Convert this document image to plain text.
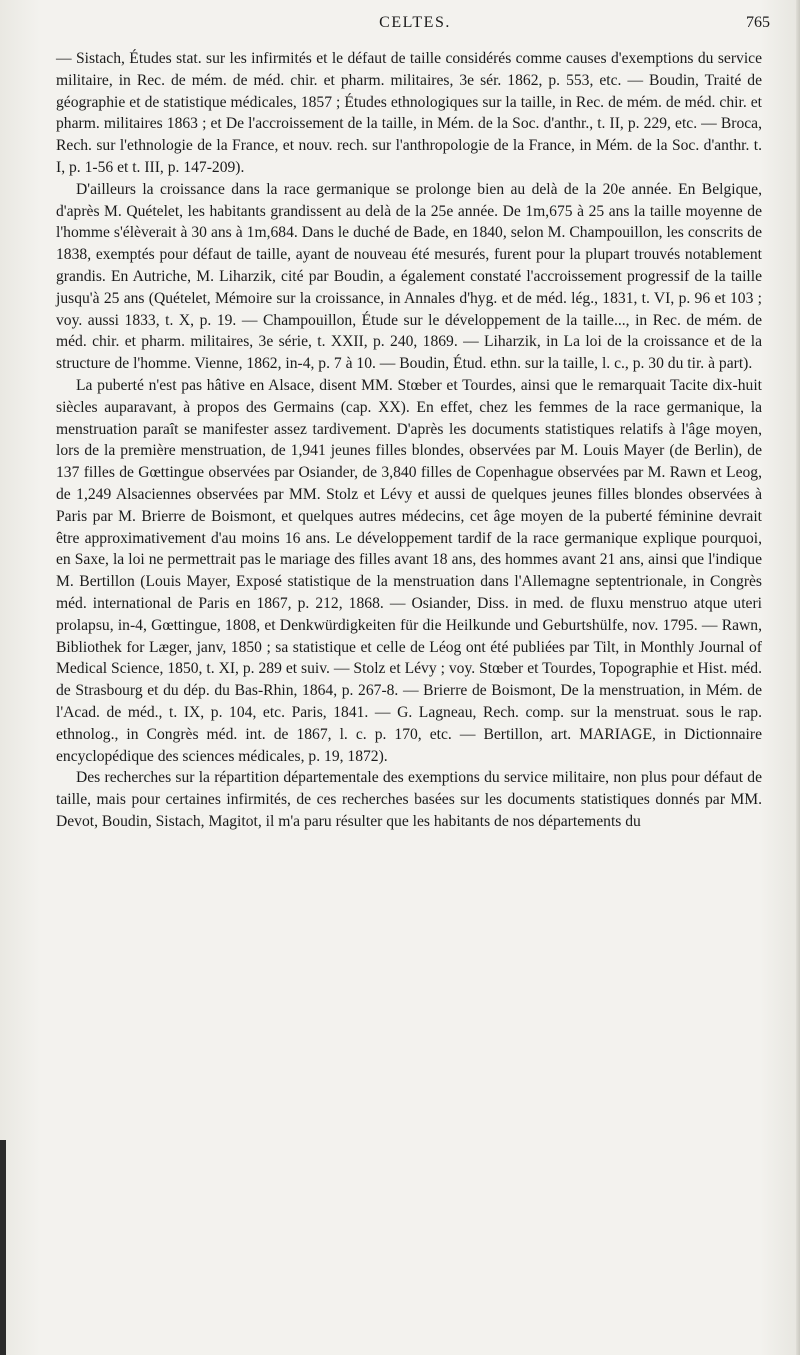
CELTES.	765

— Sistach, Études stat. sur les infirmités et le défaut de taille considérés comme causes d'exemptions du service militaire, in Rec. de mém. de méd. chir. et pharm. militaires, 3e sér. 1862, p. 553, etc. — Boudin, Traité de géographie et de statistique médicales, 1857 ; Études ethnologiques sur la taille, in Rec. de mém. de méd. chir. et pharm. militaires 1863 ; et De l'accroissement de la taille, in Mém. de la Soc. d'anthr., t. II, p. 229, etc. — Broca, Rech. sur l'ethnologie de la France, et nouv. rech. sur l'anthropologie de la France, in Mém. de la Soc. d'anthr. t. I, p. 1-56 et t. III, p. 147-209).

D'ailleurs la croissance dans la race germanique se prolonge bien au delà de la 20e année. En Belgique, d'après M. Quételet, les habitants grandissent au delà de la 25e année. De 1m,675 à 25 ans la taille moyenne de l'homme s'élèverait à 30 ans à 1m,684. Dans le duché de Bade, en 1840, selon M. Champouillon, les conscrits de 1838, exemptés pour défaut de taille, ayant de nouveau été mesurés, furent pour la plupart trouvés notablement grandis. En Autriche, M. Liharzik, cité par Boudin, a également constaté l'accroissement progressif de la taille jusqu'à 25 ans (Quételet, Mémoire sur la croissance, in Annales d'hyg. et de méd. lég., 1831, t. VI, p. 96 et 103 ; voy. aussi 1833, t. X, p. 19. — Champouillon, Étude sur le développement de la taille..., in Rec. de mém. de méd. chir. et pharm. militaires, 3e série, t. XXII, p. 240, 1869. — Liharzik, in La loi de la croissance et de la structure de l'homme. Vienne, 1862, in-4, p. 7 à 10. — Boudin, Étud. ethn. sur la taille, l. c., p. 30 du tir. à part).

La puberté n'est pas hâtive en Alsace, disent MM. Stœber et Tourdes, ainsi que le remarquait Tacite dix-huit siècles auparavant, à propos des Germains (cap. XX). En effet, chez les femmes de la race germanique, la menstruation paraît se manifester assez tardivement. D'après les documents statistiques relatifs à l'âge moyen, lors de la première menstruation, de 1,941 jeunes filles blondes, observées par M. Louis Mayer (de Berlin), de 137 filles de Gœttingue observées par Osiander, de 3,840 filles de Copenhague observées par M. Rawn et Leog, de 1,249 Alsaciennes observées par MM. Stolz et Lévy et aussi de quelques jeunes filles blondes observées à Paris par M. Brierre de Boismont, et quelques autres médecins, cet âge moyen de la puberté féminine devrait être approximativement d'au moins 16 ans. Le développement tardif de la race germanique explique pourquoi, en Saxe, la loi ne permettrait pas le mariage des filles avant 18 ans, des hommes avant 21 ans, ainsi que l'indique M. Bertillon (Louis Mayer, Exposé statistique de la menstruation dans l'Allemagne septentrionale, in Congrès méd. international de Paris en 1867, p. 212, 1868. — Osiander, Diss. in med. de fluxu menstruo atque uteri prolapsu, in-4, Gœttingue, 1808, et Denkwürdigkeiten für die Heilkunde und Geburtshülfe, nov. 1795. — Rawn, Bibliothek for Læger, janv, 1850 ; sa statistique et celle de Léog ont été publiées par Tilt, in Monthly Journal of Medical Science, 1850, t. XI, p. 289 et suiv. — Stolz et Lévy ; voy. Stœber et Tourdes, Topographie et Hist. méd. de Strasbourg et du dép. du Bas-Rhin, 1864, p. 267-8. — Brierre de Boismont, De la menstruation, in Mém. de l'Acad. de méd., t. IX, p. 104, etc. Paris, 1841. — G. Lagneau, Rech. comp. sur la menstruat. sous le rap. ethnolog., in Congrès méd. int. de 1867, l. c. p. 170, etc. — Bertillon, art. MARIAGE, in Dictionnaire encyclopédique des sciences médicales, p. 19, 1872).

Des recherches sur la répartition départementale des exemptions du service militaire, non plus pour défaut de taille, mais pour certaines infirmités, de ces recherches basées sur les documents statistiques donnés par MM. Devot, Boudin, Sistach, Magitot, il m'a paru résulter que les habitants de nos départements du
